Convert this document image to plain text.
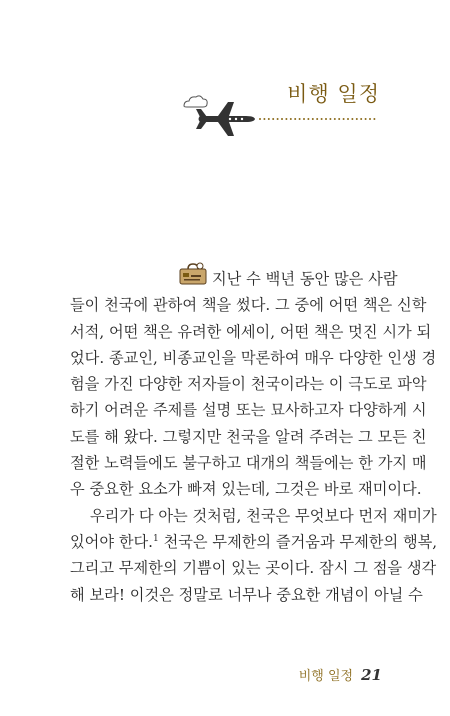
비행 일정
지난 수 백년 동안 많은 사람
들이 천국에 관하여 책을 썼다. 그 중에 어떤 책은 신학
서적, 어떤 책은 유려한 에세이, 어떤 책은 멋진 시가 되
었다. 종교인, 비종교인을 막론하여 매우 다양한 인생 경
험을 가진 다양한 저자들이 천국이라는 이 극도로 파악
하기 어려운 주제를 설명 또는 묘사하고자 다양하게 시
도를 해 왔다. 그렇지만 천국을 알려 주려는 그 모든 친
절한 노력들에도 불구하고 대개의 책들에는 한 가지 매
우 중요한 요소가 빠져 있는데, 그것은 바로 재미이다.
우리가 다 아는 것처럼, 천국은 무엇보다 먼저 재미가
있어야 한다.$^1$ 천국은 무제한의 즐거움과 무제한의 행복,
그리고 무제한의 기쁨이 있는 곳이다. 잠시 그 점을 생각
해 보라! 이것은 정말로 너무나 중요한 개념이 아닐 수
비행 일정 21
